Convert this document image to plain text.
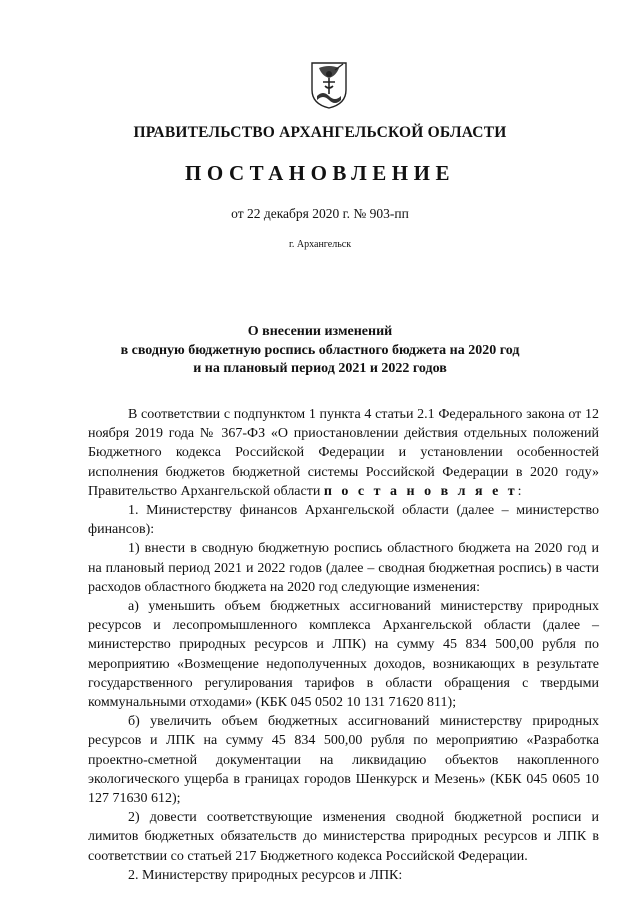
ПРАВИТЕЛЬСТВО АРХАНГЕЛЬСКОЙ ОБЛАСТИ
ПОСТАНОВЛЕНИЕ
от 22 декабря 2020 г. № 903-пп
г. Архангельск
О внесении изменений
в сводную бюджетную роспись областного бюджета на 2020 год
и на плановый период 2021 и 2022 годов

В соответствии с подпунктом 1 пункта 4 статьи 2.1 Федерального закона от 12 ноября 2019 года № 367-ФЗ «О приостановлении действия отдельных положений Бюджетного кодекса Российской Федерации и установлении особенностей исполнения бюджетов бюджетной системы Российской Федерации в 2020 году» Правительство Архангельской области п о с т а н о в л я е т:

1. Министерству финансов Архангельской области (далее – министерство финансов):

1) внести в сводную бюджетную роспись областного бюджета на 2020 год и на плановый период 2021 и 2022 годов (далее – сводная бюджетная роспись) в части расходов областного бюджета на 2020 год следующие изменения:

а) уменьшить объем бюджетных ассигнований министерству природных ресурсов и лесопромышленного комплекса Архангельской области (далее – министерство природных ресурсов и ЛПК) на сумму 45 834 500,00 рубля по мероприятию «Возмещение недополученных доходов, возникающих в результате государственного регулирования тарифов в области обращения с твердыми коммунальными отходами» (КБК 045 0502 10 131 71620 811);

б) увеличить объем бюджетных ассигнований министерству природных ресурсов и ЛПК на сумму 45 834 500,00 рубля по мероприятию «Разработка проектно-сметной документации на ликвидацию объектов накопленного экологического ущерба в границах городов Шенкурск и Мезень» (КБК 045 0605 10 127 71630 612);

2) довести соответствующие изменения сводной бюджетной росписи и лимитов бюджетных обязательств до министерства природных ресурсов и ЛПК в соответствии со статьей 217 Бюджетного кодекса Российской Федерации.

2. Министерству природных ресурсов и ЛПК:
